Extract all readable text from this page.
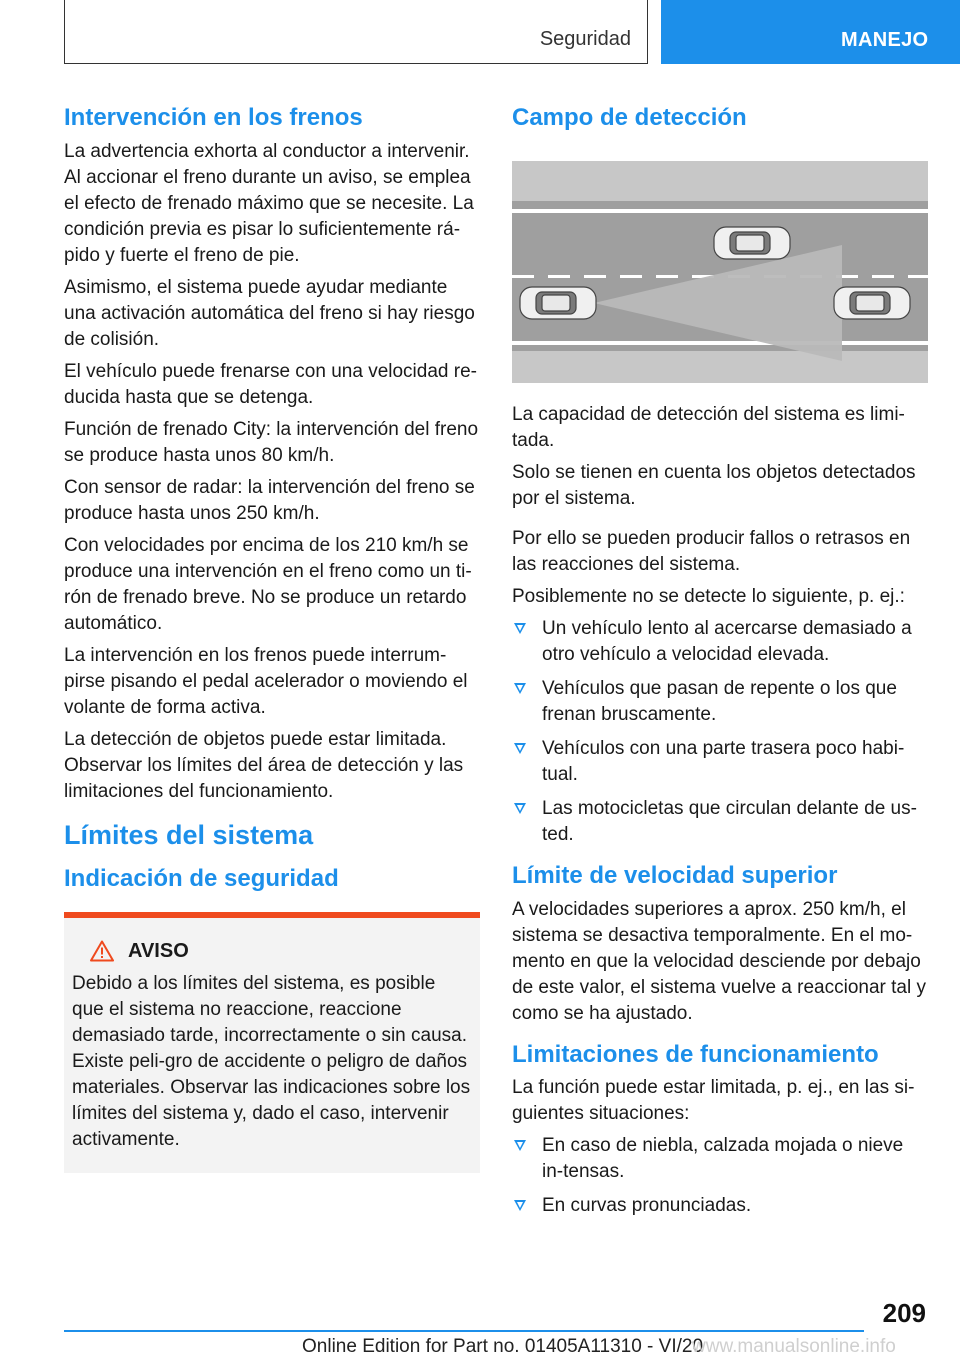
Seguridad	MANEJO
Intervención en los frenos

La advertencia exhorta al conductor a intervenir. Al accionar el freno durante un aviso, se emplea el efecto de frenado máximo que se necesite. La condición previa es pisar lo suficientemente rá‐pido y fuerte el freno de pie.

Asimismo, el sistema puede ayudar mediante una activación automática del freno si hay riesgo de colisión.

El vehículo puede frenarse con una velocidad re‐ducida hasta que se detenga.

Función de frenado City: la intervención del freno se produce hasta unos 80 km/h.

Con sensor de radar: la intervención del freno se produce hasta unos 250 km/h.

Con velocidades por encima de los 210 km/h se produce una intervención en el freno como un ti‐rón de frenado breve. No se produce un retardo automático.

La intervención en los frenos puede interrum‐pirse pisando el pedal acelerador o moviendo el volante de forma activa.

La detección de objetos puede estar limitada. Observar los límites del área de detección y las limitaciones del funcionamiento.

Límites del sistema
Indicación de seguridad
AVISO

Debido a los límites del sistema, es posible que el sistema no reaccione, reaccione demasiado tarde, incorrectamente o sin causa. Existe peli‐gro de accidente o peligro de daños materiales. Observar las indicaciones sobre los límites del sistema y, dado el caso, intervenir activamente.

Campo de detección

La capacidad de detección del sistema es limi‐tada.

Solo se tienen en cuenta los objetos detectados por el sistema.

Por ello se pueden producir fallos o retrasos en las reacciones del sistema.

Posiblemente no se detecte lo siguiente, p. ej.:

Un vehículo lento al acercarse demasiado a otro vehículo a velocidad elevada.
Vehículos que pasan de repente o los que frenan bruscamente.
Vehículos con una parte trasera poco habi‐tual.
Las motocicletas que circulan delante de us‐ted.
Límite de velocidad superior

A velocidades superiores a aprox. 250 km/h, el sistema se desactiva temporalmente. En el mo‐mento en que la velocidad desciende por debajo de este valor, el sistema vuelve a reaccionar tal y como se ha ajustado.

Limitaciones de funcionamiento

La función puede estar limitada, p. ej., en las si‐guientes situaciones:

En caso de niebla, calzada mojada o nieve in‐tensas.
En curvas pronunciadas.
209
Online Edition for Part no. 01405A11310 - VI/20
www.manualsonline.info
